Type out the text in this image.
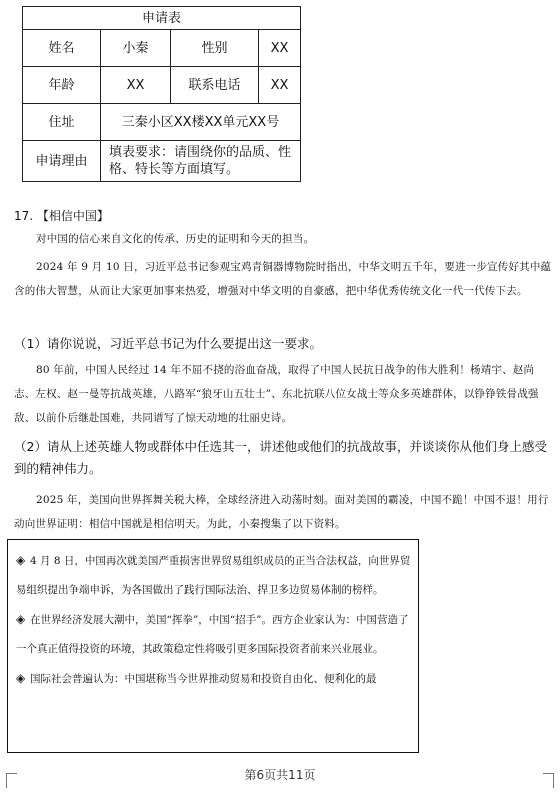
申请表			
姓名	小秦	性别	XX
年龄	XX	联系电话	XX
住址	三秦小区XX楼XX单元XX号		
申请理由	填表要求：请围绕你的品质、性格、特长等方面填写。		

17. 【相信中国】

对中国的信心来自文化的传承、历史的证明和今天的担当。

2024 年 9 月 10 日，习近平总书记参观宝鸡青铜器博物院时指出，中华文明五千年，要进一步宣传好其中蕴含的伟大智慧，从而让大家更加事来热爱，增强对中华文明的自豪感，把中华优秀传统文化一代一代传下去。

（1）请你说说，习近平总书记为什么要提出这一要求。

80 年前，中国人民经过 14 年不屈不挠的浴血奋战，取得了中国人民抗日战争的伟大胜利！杨靖宇、赵尚志、左权、赵一曼等抗战英雄，八路军“狼牙山五壮士”、东北抗联八位女战士等众多英雄群体，以铮铮铁骨战强敌、以前仆后继赴国难，共同谱写了惊天动地的壮丽史诗。

（2）请从上述英雄人物或群体中任选其一，讲述他或他们的抗战故事，并谈谈你从他们身上感受到的精神伟力。

2025 年，美国向世界挥舞关税大棒，全球经济进入动荡时刻。面对美国的霸凌，中国不跪！中国不退！用行动向世界证明：相信中国就是相信明天。为此，小秦搜集了以下资料。

◈ 4 月 8 日，中国再次就美国严重损害世界贸易组织成员的正当合法权益，向世界贸易组织提出争端申诉，为各国做出了践行国际法治、捍卫多边贸易体制的榜样。

◈ 在世界经济发展大潮中，美国“挥拳”，中国“招手”。西方企业家认为：中国营造了一个真正值得投资的环境，其政策稳定性将吸引更多国际投资者前来兴业展业。

◈ 国际社会普遍认为：中国堪称当今世界推动贸易和投资自由化、便利化的最

第6页共11页
